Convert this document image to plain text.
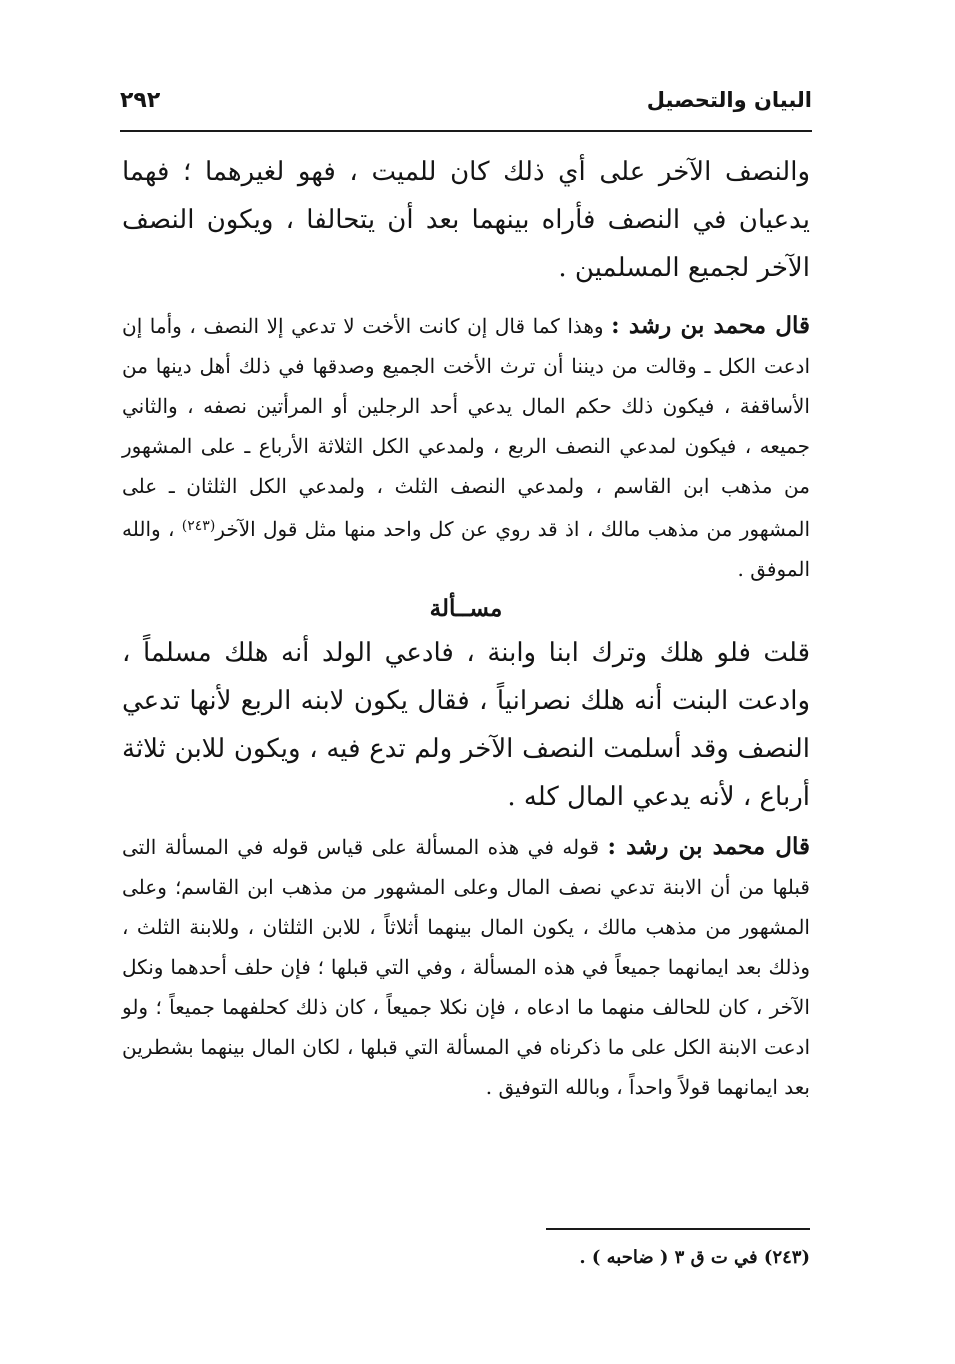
البيان والتحصيل
٢٩٢

والنصف الآخر على أي ذلك كان للميت ، فهو لغيرهما ؛ فهما يدعيان في النصف فأراه بينهما بعد أن يتحالفا ، ويكون النصف الآخر لجميع المسلمين .

قال محمد بن رشد : وهذا كما قال إن كانت الأخت لا تدعي إلا النصف ، وأما إن ادعت الكل ـ وقالت من ديننا أن ترث الأخت الجميع وصدقها في ذلك أهل دينها من الأساقفة ، فيكون ذلك حكم المال يدعي أحد الرجلين أو المرأتين نصفه ، والثاني جميعه ، فيكون لمدعي النصف الربع ، ولمدعي الكل الثلاثة الأرباع ـ على المشهور من مذهب ابن القاسم ، ولمدعي النصف الثلث ، ولمدعي الكل الثلثان ـ على المشهور من مذهب مالك ، اذ قد روي عن كل واحد منها مثل قول الآخر$^{(٢٤٣)}$ ، والله الموفق .

مســألة

قلت فلو هلك وترك ابنا وابنة ، فادعي الولد أنه هلك مسلماً ، وادعت البنت أنه هلك نصرانياً ، فقال يكون لابنه الربع لأنها تدعي النصف وقد أسلمت النصف الآخر ولم تدع فيه ، ويكون للابن ثلاثة أرباع ، لأنه يدعي المال كله .

قال محمد بن رشد : قوله في هذه المسألة على قياس قوله في المسألة التى قبلها من أن الابنة تدعي نصف المال وعلى المشهور من مذهب ابن القاسم؛ وعلى المشهور من مذهب مالك ، يكون المال بينهما أثلاثاً ، للابن الثلثان ، وللابنة الثلث ، وذلك بعد ايمانهما جميعاً في هذه المسألة ، وفي التي قبلها ؛ فإن حلف أحدهما ونكل الآخر ، كان للحالف منهما ما ادعاه ، فإن نكلا جميعاً ، كان ذلك كحلفهما جميعاً ؛ ولو ادعت الابنة الكل على ما ذكرناه في المسألة التي قبلها ، لكان المال بينهما بشطرين بعد ايمانهما قولاً واحداً ، وبالله التوفيق .

(٢٤٣) في ت ق ٣ ( ضاحبه ) .
